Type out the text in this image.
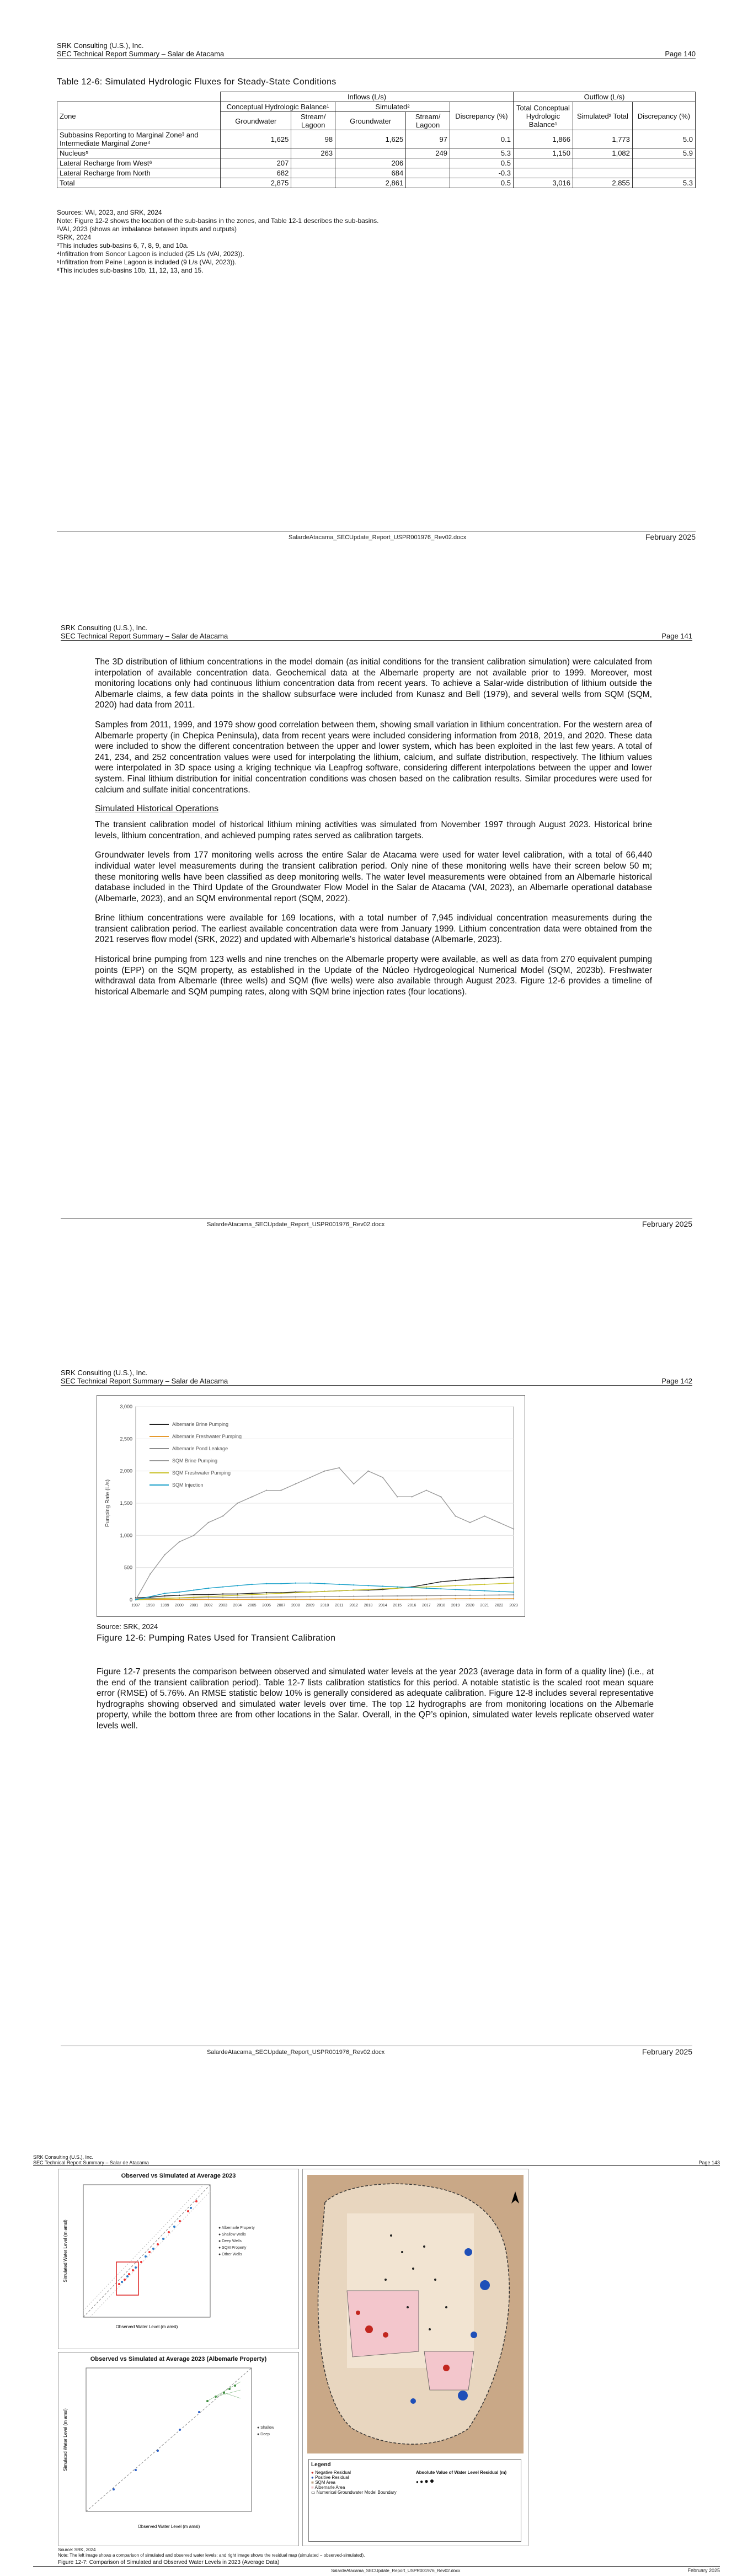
SRK Consulting (U.S.), Inc.
SEC Technical Report Summary – Salar de Atacama	Page 140
Table 12-6: Simulated Hydrologic Fluxes for Steady-State Conditions
	Inflows (L/s)					Outflow (L/s)		
Zone	Conceptual Hydrologic Balance¹		Simulated²		Discrepancy (%)	Total Conceptual Hydrologic Balance¹	Simulated² Total	Discrepancy (%)
	Groundwater	Stream/ Lagoon	Groundwater	Stream/ Lagoon				
Subbasins Reporting to Marginal Zone³ and Intermediate Marginal Zone⁴	1,625	98	1,625	97	0.1	1,866	1,773	5.0
Nucleus⁵		263		249	5.3	1,150	1,082	5.9
Lateral Recharge from West⁶	207		206		0.5			
Lateral Recharge from North	682		684		-0.3			
Total	2,875		2,861		0.5	3,016	2,855	5.3
Sources: VAI, 2023, and SRK, 2024
Note: Figure 12-2 shows the location of the sub-basins in the zones, and Table 12-1 describes the sub-basins.
¹VAI, 2023 (shows an imbalance between inputs and outputs)
²SRK, 2024
³This includes sub-basins 6, 7, 8, 9, and 10a.
⁴Infiltration from Soncor Lagoon is included (25 L/s (VAI, 2023)).
⁵Infiltration from Peine Lagoon is included (9 L/s (VAI, 2023)).
⁶This includes sub-basins 10b, 11, 12, 13, and 15.
SalardeAtacama_SECUpdate_Report_USPR001976_Rev02.docx	February 2025
SRK Consulting (U.S.), Inc.
SEC Technical Report Summary – Salar de Atacama	Page 141

The 3D distribution of lithium concentrations in the model domain (as initial conditions for the transient calibration simulation) were calculated from interpolation of available concentration data. Geochemical data at the Albemarle property are not available prior to 1999. Moreover, most monitoring locations only had continuous lithium concentration data from recent years. To achieve a Salar-wide distribution of lithium outside the Albemarle claims, a few data points in the shallow subsurface were included from Kunasz and Bell (1979), and several wells from SQM (SQM, 2020) had data from 2011.

Samples from 2011, 1999, and 1979 show good correlation between them, showing small variation in lithium concentration. For the western area of Albemarle property (in Chepica Peninsula), data from recent years were included considering information from 2018, 2019, and 2020. These data were included to show the different concentration between the upper and lower system, which has been exploited in the last few years. A total of 241, 234, and 252 concentration values were used for interpolating the lithium, calcium, and sulfate distribution, respectively. The lithium values were interpolated in 3D space using a kriging technique via Leapfrog software, considering different interpolations between the upper and lower system. Final lithium distribution for initial concentration conditions was chosen based on the calibration results. Similar procedures were used for calcium and sulfate initial concentrations.

Simulated Historical Operations

The transient calibration model of historical lithium mining activities was simulated from November 1997 through August 2023. Historical brine levels, lithium concentration, and achieved pumping rates served as calibration targets.

Groundwater levels from 177 monitoring wells across the entire Salar de Atacama were used for water level calibration, with a total of 66,440 individual water level measurements during the transient calibration period. Only nine of these monitoring wells have their screen below 50 m; these monitoring wells have been classified as deep monitoring wells. The water level measurements were obtained from an Albemarle historical database included in the Third Update of the Groundwater Flow Model in the Salar de Atacama (VAI, 2023), an Albemarle operational database (Albemarle, 2023), and an SQM environmental report (SQM, 2022).

Brine lithium concentrations were available for 169 locations, with a total number of 7,945 individual concentration measurements during the transient calibration period. The earliest available concentration data were from January 1999. Lithium concentration data were obtained from the 2021 reserves flow model (SRK, 2022) and updated with Albemarle’s historical database (Albemarle, 2023).

Historical brine pumping from 123 wells and nine trenches on the Albemarle property were available, as well as data from 270 equivalent pumping points (EPP) on the SQM property, as established in the Update of the Núcleo Hydrogeological Numerical Model (SQM, 2023b). Freshwater withdrawal data from Albemarle (three wells) and SQM (five wells) were also available through August 2023. Figure 12-6 provides a timeline of historical Albemarle and SQM pumping rates, along with SQM brine injection rates (four locations).

SalardeAtacama_SECUpdate_Report_USPR001976_Rev02.docx	February 2025
SRK Consulting (U.S.), Inc.
SEC Technical Report Summary – Salar de Atacama	Page 142
0
500
1,000
1,500
2,000
2,500
3,000
1997 1998 1999 2000 2001 2002 2003 2004 2005 2006 2007 2008 2009 2010 2011 2012 2013 2014 2015 2016 2017 2018 2019 2020 2021 2022 2023
Pumping Rate (L/s)
Albemarle Brine Pumping
Albemarle Freshwater Pumping
Albemarle Pond Leakage
SQM Brine Pumping
SQM Freshwater Pumping
SQM Injection
Source: SRK, 2024
Figure 12-6: Pumping Rates Used for Transient Calibration

Figure 12-7 presents the comparison between observed and simulated water levels at the year 2023 (average data in form of a quality line) (i.e., at the end of the transient calibration period). Table 12-7 lists calibration statistics for this period. A notable statistic is the scaled root mean square error (RMSE) of 5.76%. An RMSE statistic below 10% is generally considered as adequate calibration. Figure 12-8 includes several representative hydrographs showing observed and simulated water levels over time. The top 12 hydrographs are from monitoring locations on the Albemarle property, while the bottom three are from other locations in the Salar. Overall, in the QP’s opinion, simulated water levels replicate observed water levels well.

SalardeAtacama_SECUpdate_Report_USPR001976_Rev02.docx	February 2025
SRK Consulting (U.S.), Inc.
SEC Technical Report Summary – Salar de Atacama	Page 143
Observed vs Simulated at Average 2023
● Albemarle Property
● Shallow Wells
● Deep Wells
● SQM Property
● Other Wells
Observed Water Level (m amsl)
Simulated Water Level (m amsl)
Observed vs Simulated at Average 2023 (Albemarle Property)
● Shallow
● Deep
Observed Water Level (m amsl)
Simulated Water Level (m amsl)	Legend
● Negative Residual
● Positive Residual
■ SQM Area
■ Albemarle Area
▭ Numerical Groundwater Model Boundary
Absolute Value of Water Level Residual (m)
● ● ● ●
Source: SRK, 2024
Note: The left image shows a comparison of simulated and observed water levels; and right image shows the residual map (simulated − observed-simulated).
Figure 12-7: Comparison of Simulated and Observed Water Levels in 2023 (Average Data)
SalardeAtacama_SECUpdate_Report_USPR001976_Rev02.docx	February 2025
